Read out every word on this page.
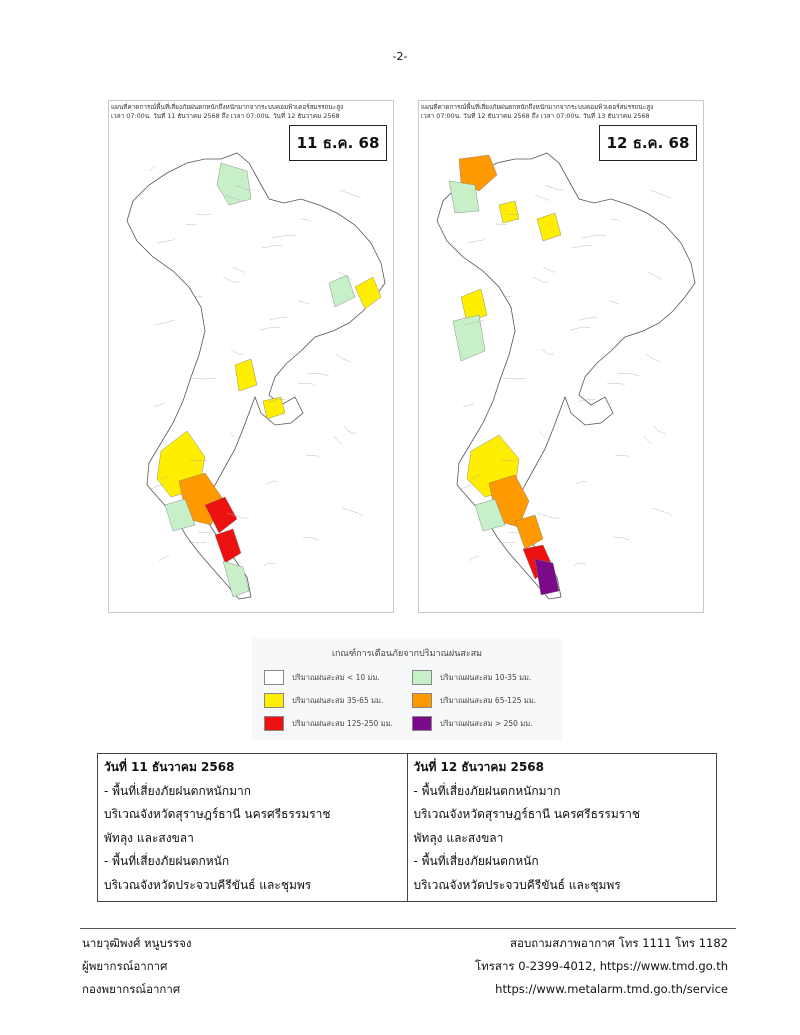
-2-
แผนที่คาดการณ์พื้นที่เสี่ยงภัยฝนตกหนักถึงหนักมากจากระบบคอมพิวเตอร์สมรรถนะสูง
เวลา 07:00น. วันที่ 11 ธันวาคม 2568 ถึง เวลา 07:00น. วันที่ 12 ธันวาคม 2568
11 ธ.ค. 68
แผนที่คาดการณ์พื้นที่เสี่ยงภัยฝนตกหนักถึงหนักมากจากระบบคอมพิวเตอร์สมรรถนะสูง
เวลา 07:00น. วันที่ 12 ธันวาคม 2568 ถึง เวลา 07:00น. วันที่ 13 ธันวาคม 2568
12 ธ.ค. 68
เกณฑ์การเตือนภัยจากปริมาณฝนสะสม
ปริมาณฝนสะสม < 10 มม.	ปริมาณฝนสะสม 10-35 มม.
ปริมาณฝนสะสม 35-65 มม.	ปริมาณฝนสะสม 65-125 มม.
ปริมาณฝนสะสม 125-250 มม.	ปริมาณฝนสะสม > 250 มม.
วันที่ 11 ธันวาคม 2568
- พื้นที่เสี่ยงภัยฝนตกหนักมาก
บริเวณจังหวัดสุราษฎร์ธานี นครศรีธรรมราช
พัทลุง และสงขลา
- พื้นที่เสี่ยงภัยฝนตกหนัก
บริเวณจังหวัดประจวบคีรีขันธ์ และชุมพร

วันที่ 12 ธันวาคม 2568
- พื้นที่เสี่ยงภัยฝนตกหนักมาก
บริเวณจังหวัดสุราษฎร์ธานี นครศรีธรรมราช
พัทลุง และสงขลา
- พื้นที่เสี่ยงภัยฝนตกหนัก
บริเวณจังหวัดประจวบคีรีขันธ์ และชุมพร
นายวุฒิพงศ์ หนูบรรจง
ผู้พยากรณ์อากาศ
กองพยากรณ์อากาศ
สอบถามสภาพอากาศ โทร 1111 โทร 1182
โทรสาร 0-2399-4012, https://www.tmd.go.th
https://www.metalarm.tmd.go.th/service
